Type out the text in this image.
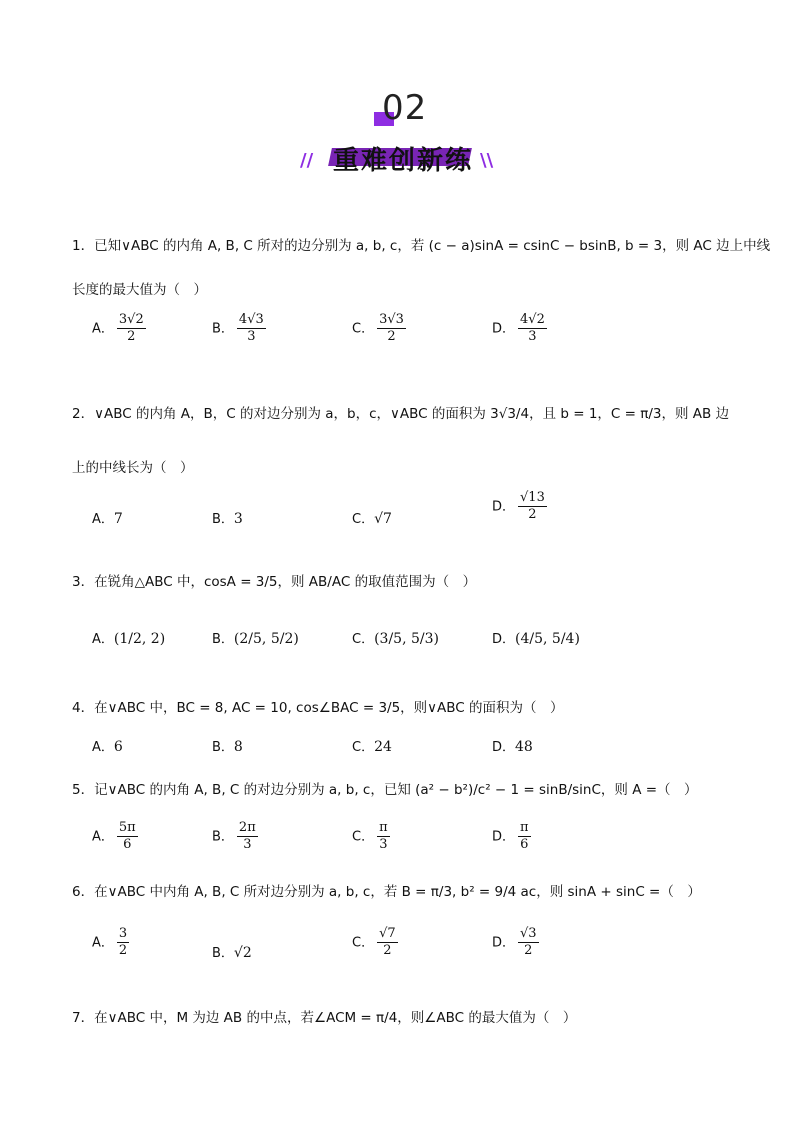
02
// 重难创新练 \\
1．已知∨ABC 的内角 A, B, C 所对的边分别为 a, b, c，若 (c − a)sinA = csinC − bsinB, b = 3，则 AC 边上中线
长度的最大值为（　）
A． $\frac{3√2}{2}$	B． $\frac{4√3}{3}$	C． $\frac{3√3}{2}$	D． $\frac{4√2}{3}$
2．∨ABC 的内角 A，B，C 的对边分别为 a，b，c，∨ABC 的面积为 3√3/4，且 b = 1，C = π/3，则 AB 边
上的中线长为（　）
A．7	B．3	C．√7
D． $\frac{√13}{2}$
3．在锐角△ABC 中，cosA = 3/5，则 AB/AC 的取值范围为（　）
A．(1/2, 2)	B．(2/5, 5/2)	C．(3/5, 5/3)	D．(4/5, 5/4)
4．在∨ABC 中，BC = 8, AC = 10, cos∠BAC = 3/5，则∨ABC 的面积为（　）
A．6	B．8	C．24	D．48
5．记∨ABC 的内角 A, B, C 的对边分别为 a, b, c，已知 (a² − b²)/c² − 1 = sinB/sinC，则 A =（　）
A． $\frac{5\pi}{6}$	B． $\frac{2\pi}{3}$	C． $\frac{\pi}{3}$	D． $\frac{\pi}{6}$
6．在∨ABC 中内角 A, B, C 所对边分别为 a, b, c，若 B = π/3, b² = 9/4 ac，则 sinA + sinC =（　）
A． $\frac{3}{2}$	B．√2
C． $\frac{√7}{2}$	D． $\frac{√3}{2}$
7．在∨ABC 中，M 为边 AB 的中点，若∠ACM = π/4，则∠ABC 的最大值为（　）
